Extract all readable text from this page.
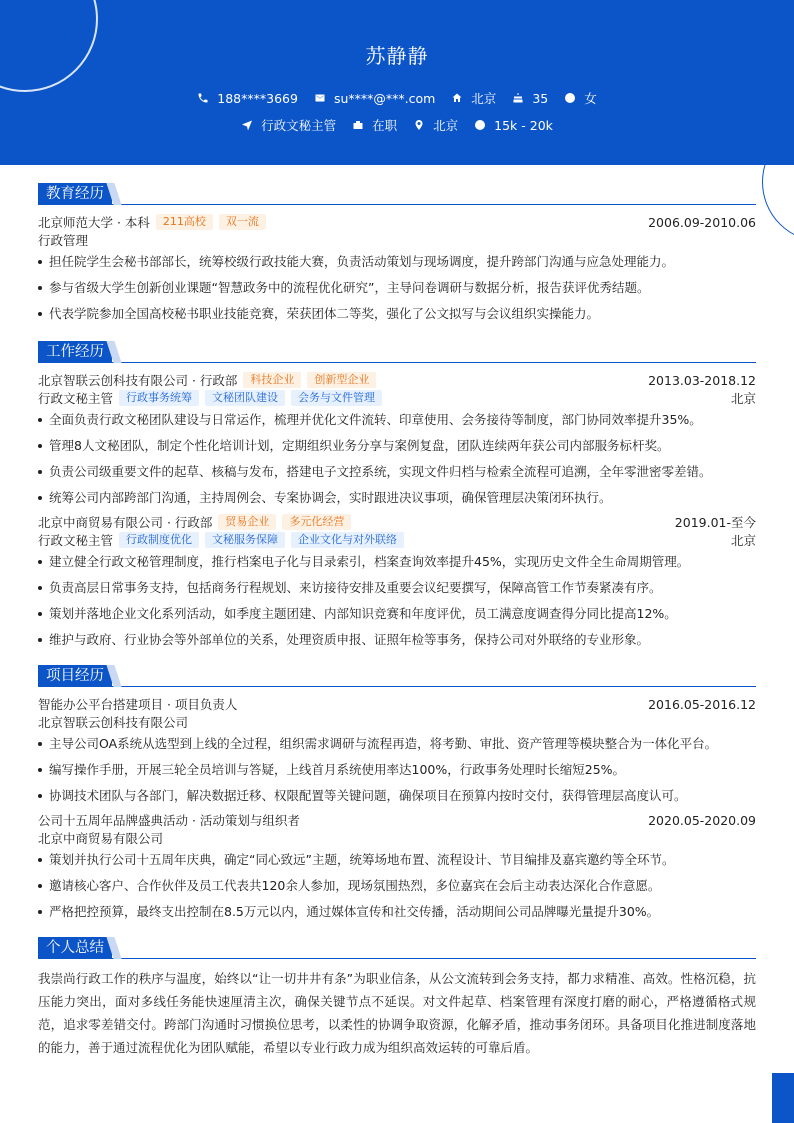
苏静静
188****3669	su****@***.com	北京	35	女
行政文秘主管	在职	北京	15k - 20k
教育经历
北京师范大学 · 本科	211高校	双一流	2006.09-2010.06
行政管理
担任院学生会秘书部部长，统筹校级行政技能大赛，负责活动策划与现场调度，提升跨部门沟通与应急处理能力。
参与省级大学生创新创业课题“智慧政务中的流程优化研究”，主导问卷调研与数据分析，报告获评优秀结题。
代表学院参加全国高校秘书职业技能竞赛，荣获团体二等奖，强化了公文拟写与会议组织实操能力。
工作经历
北京智联云创科技有限公司 · 行政部	科技企业	创新型企业	2013.03-2018.12
行政文秘主管	行政事务统筹	文秘团队建设	会务与文件管理	北京
全面负责行政文秘团队建设与日常运作，梳理并优化文件流转、印章使用、会务接待等制度，部门协同效率提升35%。
管理8人文秘团队，制定个性化培训计划，定期组织业务分享与案例复盘，团队连续两年获公司内部服务标杆奖。
负责公司级重要文件的起草、核稿与发布，搭建电子文控系统，实现文件归档与检索全流程可追溯，全年零泄密零差错。
统筹公司内部跨部门沟通，主持周例会、专案协调会，实时跟进决议事项，确保管理层决策闭环执行。
北京中商贸易有限公司 · 行政部	贸易企业	多元化经营	2019.01-至今
行政文秘主管	行政制度优化	文秘服务保障	企业文化与对外联络	北京
建立健全行政文秘管理制度，推行档案电子化与目录索引，档案查询效率提升45%，实现历史文件全生命周期管理。
负责高层日常事务支持，包括商务行程规划、来访接待安排及重要会议纪要撰写，保障高管工作节奏紧凑有序。
策划并落地企业文化系列活动，如季度主题团建、内部知识竞赛和年度评优，员工满意度调查得分同比提高12%。
维护与政府、行业协会等外部单位的关系，处理资质申报、证照年检等事务，保持公司对外联络的专业形象。
项目经历
智能办公平台搭建项目 · 项目负责人	2016.05-2016.12
北京智联云创科技有限公司
主导公司OA系统从选型到上线的全过程，组织需求调研与流程再造，将考勤、审批、资产管理等模块整合为一体化平台。
编写操作手册，开展三轮全员培训与答疑，上线首月系统使用率达100%，行政事务处理时长缩短25%。
协调技术团队与各部门，解决数据迁移、权限配置等关键问题，确保项目在预算内按时交付，获得管理层高度认可。
公司十五周年品牌盛典活动 · 活动策划与组织者	2020.05-2020.09
北京中商贸易有限公司
策划并执行公司十五周年庆典，确定“同心致远”主题，统筹场地布置、流程设计、节目编排及嘉宾邀约等全环节。
邀请核心客户、合作伙伴及员工代表共120余人参加，现场氛围热烈，多位嘉宾在会后主动表达深化合作意愿。
严格把控预算，最终支出控制在8.5万元以内，通过媒体宣传和社交传播，活动期间公司品牌曝光量提升30%。
个人总结

我崇尚行政工作的秩序与温度，始终以“让一切井井有条”为职业信条，从公文流转到会务支持，都力求精准、高效。性格沉稳，抗压能力突出，面对多线任务能快速厘清主次，确保关键节点不延误。对文件起草、档案管理有深度打磨的耐心，严格遵循格式规范，追求零差错交付。跨部门沟通时习惯换位思考，以柔性的协调争取资源，化解矛盾，推动事务闭环。具备项目化推进制度落地的能力，善于通过流程优化为团队赋能，希望以专业行政力成为组织高效运转的可靠后盾。
